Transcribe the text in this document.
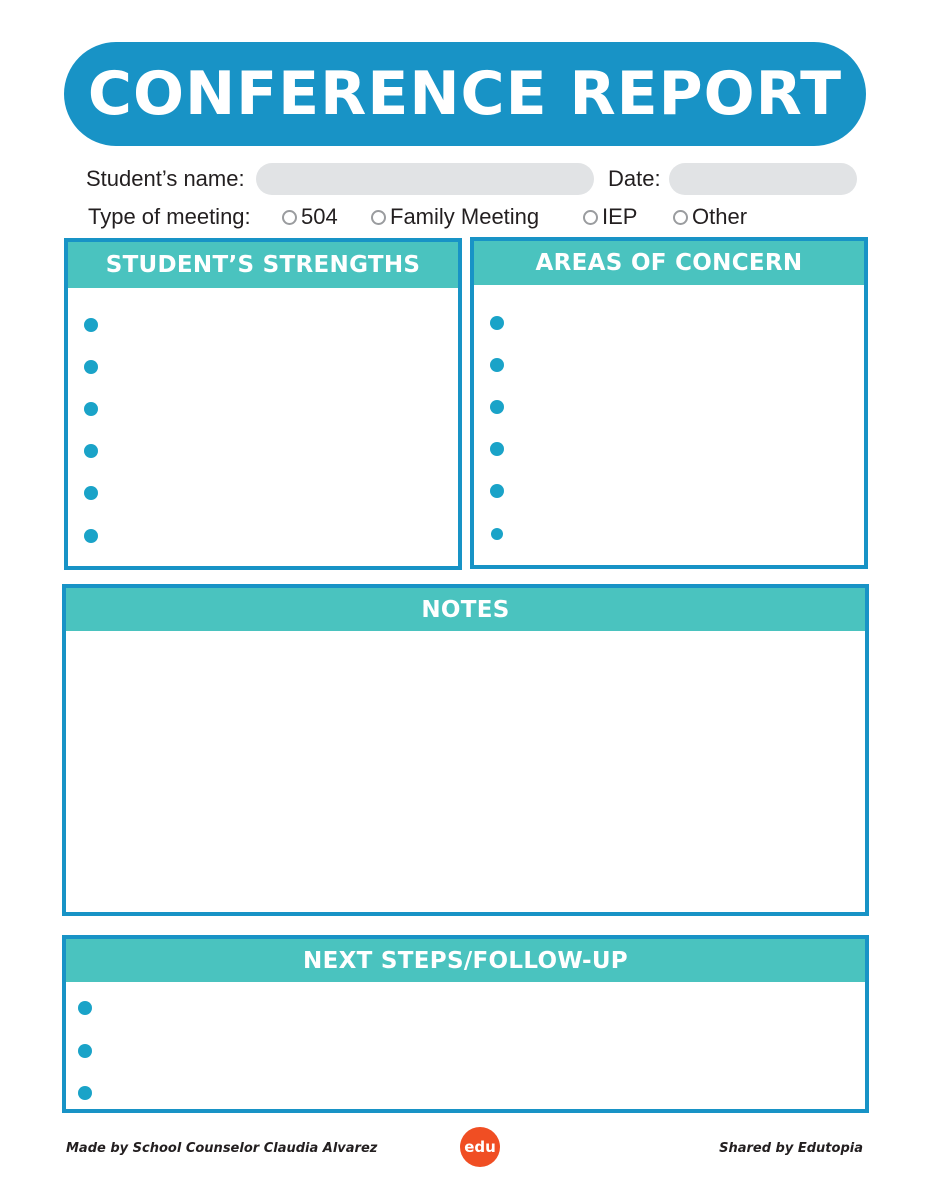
CONFERENCE REPORT
Student’s name:	Date:
Type of meeting: 504 Family Meeting	IEP Other
STUDENT’S STRENGTHS	AREAS OF CONCERN
NOTES
NEXT STEPS/FOLLOW-UP
Made by School Counselor Claudia Alvarez	edu	Shared by Edutopia
